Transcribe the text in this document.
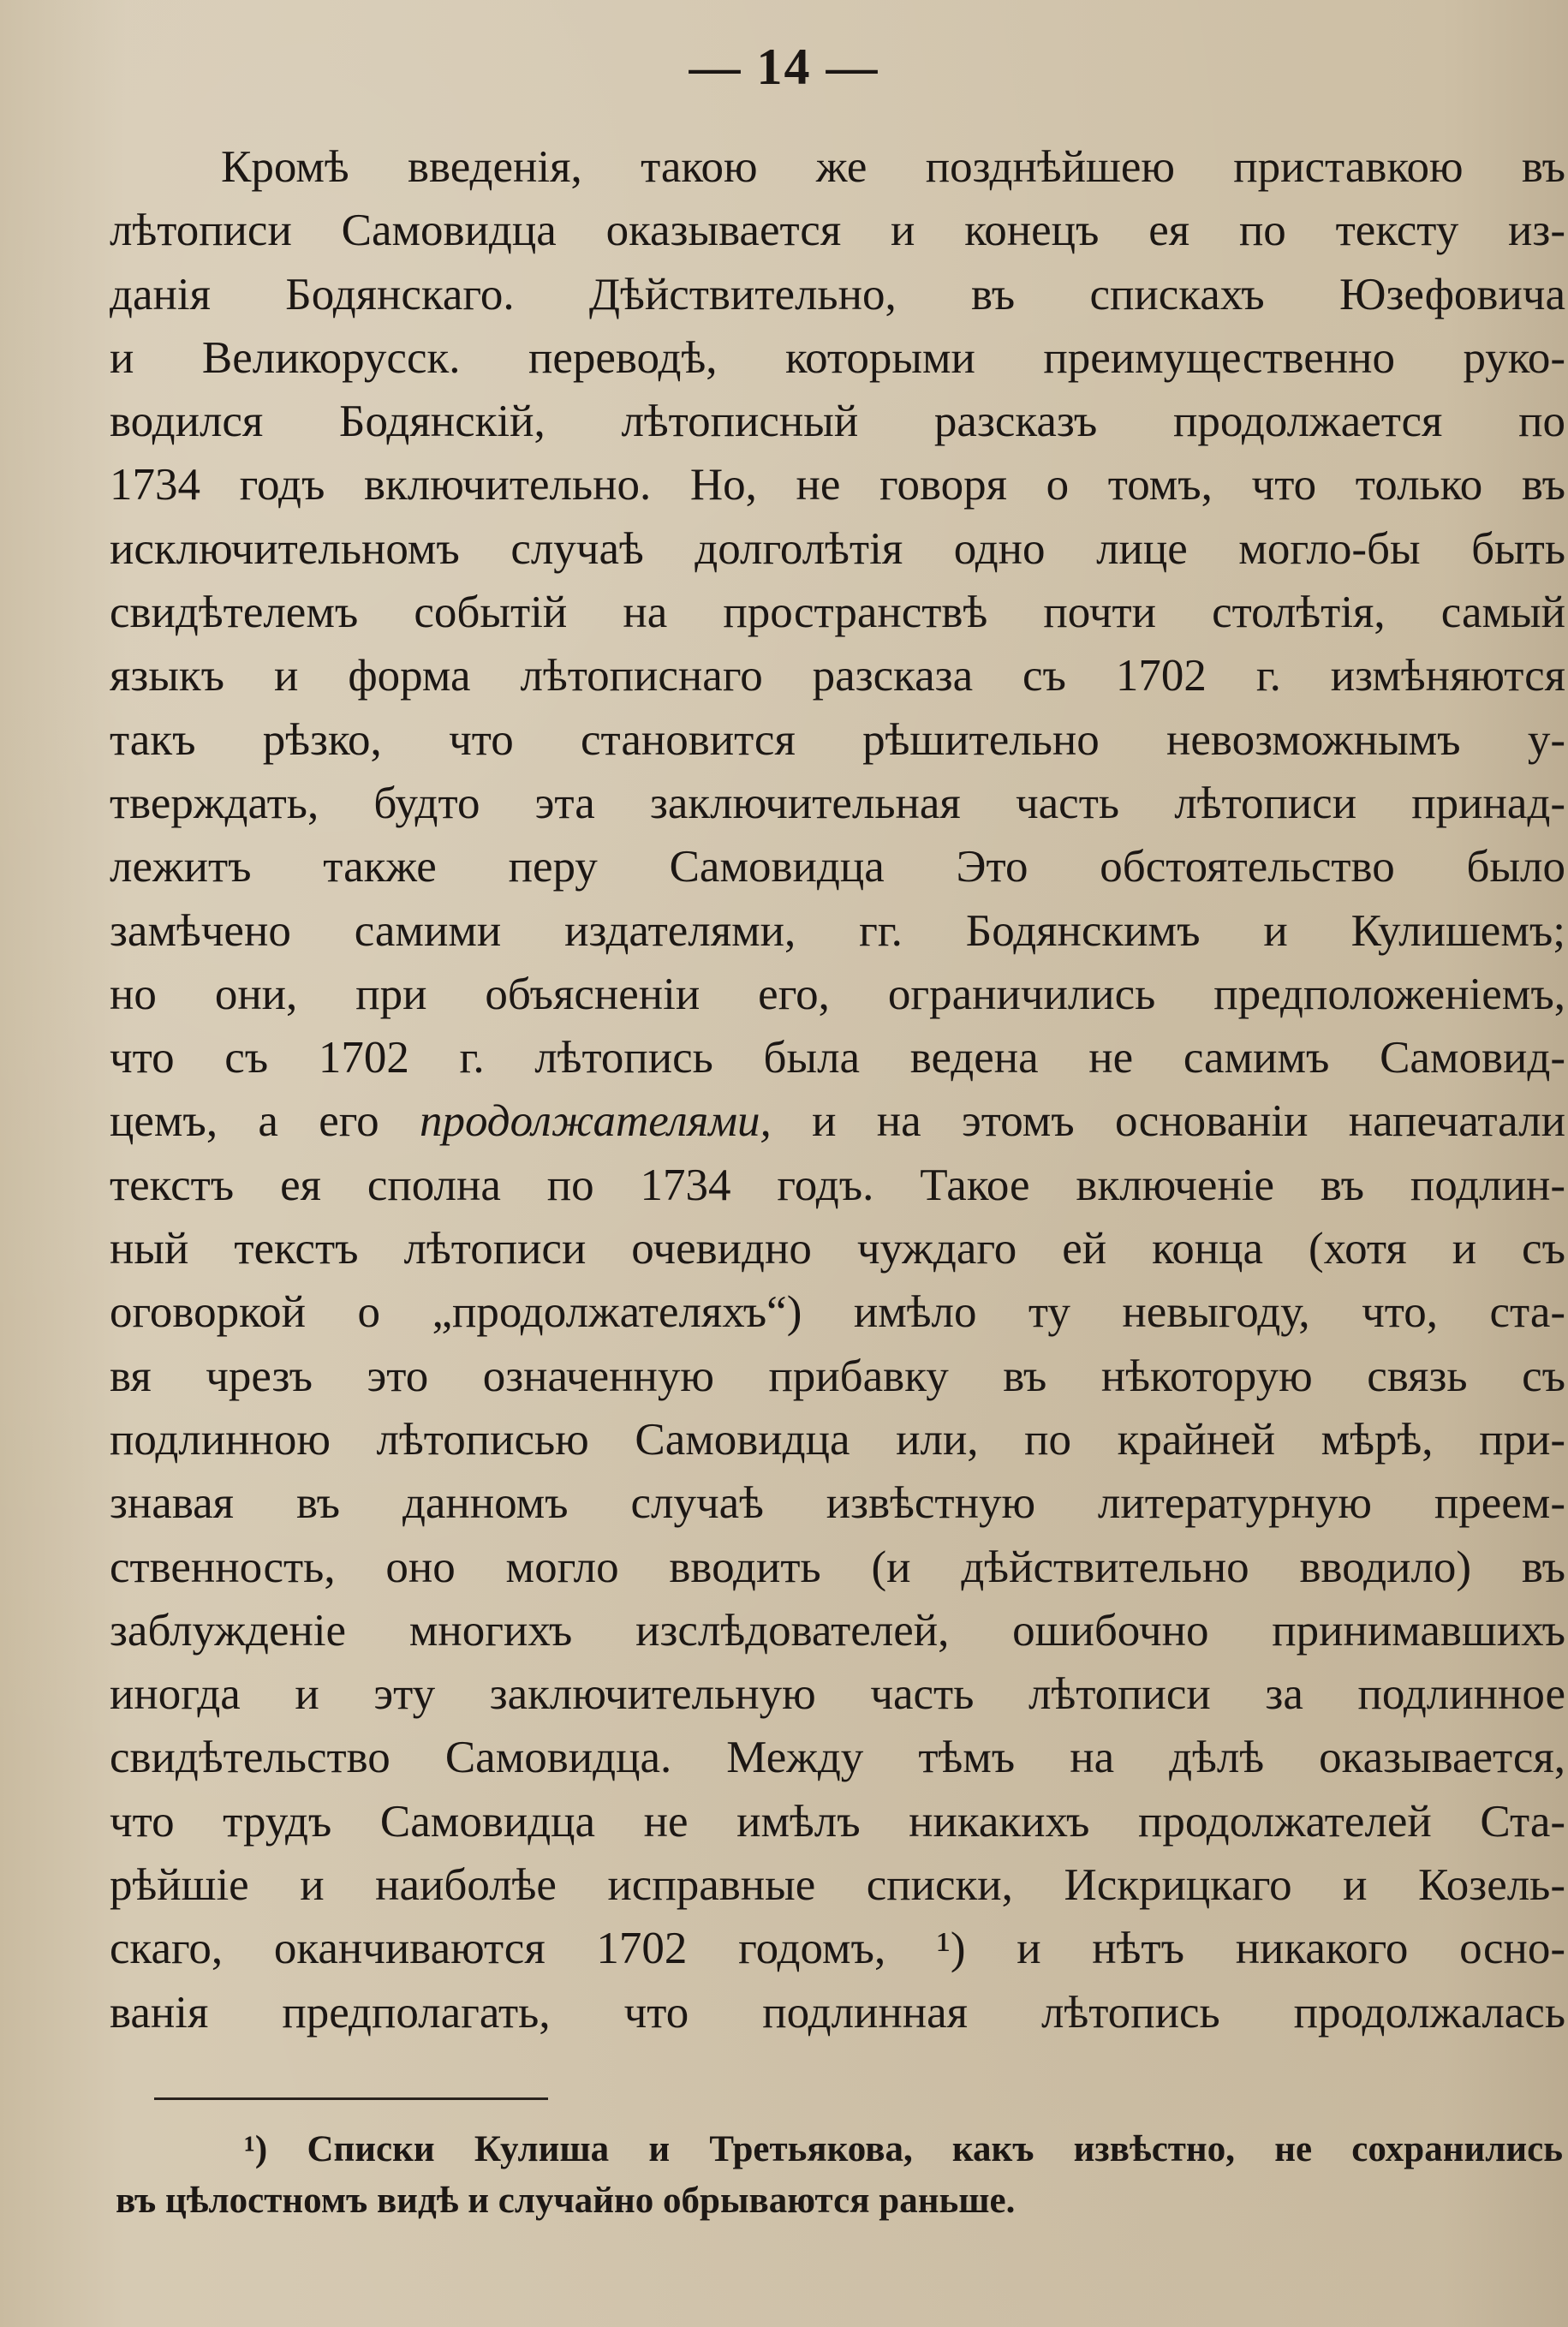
— 14 —
Кромѣ введенія, такою же позднѣйшею приставкою въ
лѣтописи Самовидца оказывается и конецъ ея по тексту из-
данія Бодянскаго. Дѣйствительно, въ спискахъ Юзефовича
и Великорусск. переводѣ, которыми преимущественно руко-
водился Бодянскій, лѣтописный разсказъ продолжается по
1734 годъ включительно. Но, не говоря о томъ, что только въ
исключительномъ случаѣ долголѣтія одно лице могло-бы быть
свидѣтелемъ событій на пространствѣ почти столѣтія, самый
языкъ и форма лѣтописнаго разсказа съ 1702 г. измѣняются
такъ рѣзко, что становится рѣшительно невозможнымъ у-
тверждать, будто эта заключительная часть лѣтописи принад-
лежитъ также перу Самовидца Это обстоятельство было
замѣчено самими издателями, гг. Бодянскимъ и Кулишемъ;
но они, при объясненіи его, ограничились предположеніемъ,
что съ 1702 г. лѣтопись была ведена не самимъ Самовид-
цемъ, а его продолжателями, и на этомъ основаніи напечатали
текстъ ея сполна по 1734 годъ. Такое включеніе въ подлин-
ный текстъ лѣтописи очевидно чуждаго ей конца (хотя и съ
оговоркой о „продолжателяхъ“) имѣло ту невыгоду, что, ста-
вя чрезъ это означенную прибавку въ нѣкоторую связь съ
подлинною лѣтописью Самовидца или, по крайней мѣрѣ, при-
знавая въ данномъ случаѣ извѣстную литературную преем-
ственность, оно могло вводить (и дѣйствительно вводило) въ
заблужденіе многихъ изслѣдователей, ошибочно принимавшихъ
иногда и эту заключительную часть лѣтописи за подлинное
свидѣтельство Самовидца. Между тѣмъ на дѣлѣ оказывается,
что трудъ Самовидца не имѣлъ никакихъ продолжателей Ста-
рѣйшіе и наиболѣе исправные списки, Искрицкаго и Козель-
скаго, оканчиваются 1702 годомъ, ¹) и нѣтъ никакого осно-
ванія предполагать, что подлинная лѣтопись продолжалась
¹) Списки Кулиша и Третьякова, какъ извѣстно, не сохранились
въ цѣлостномъ видѣ и случайно обрываются раньше.
